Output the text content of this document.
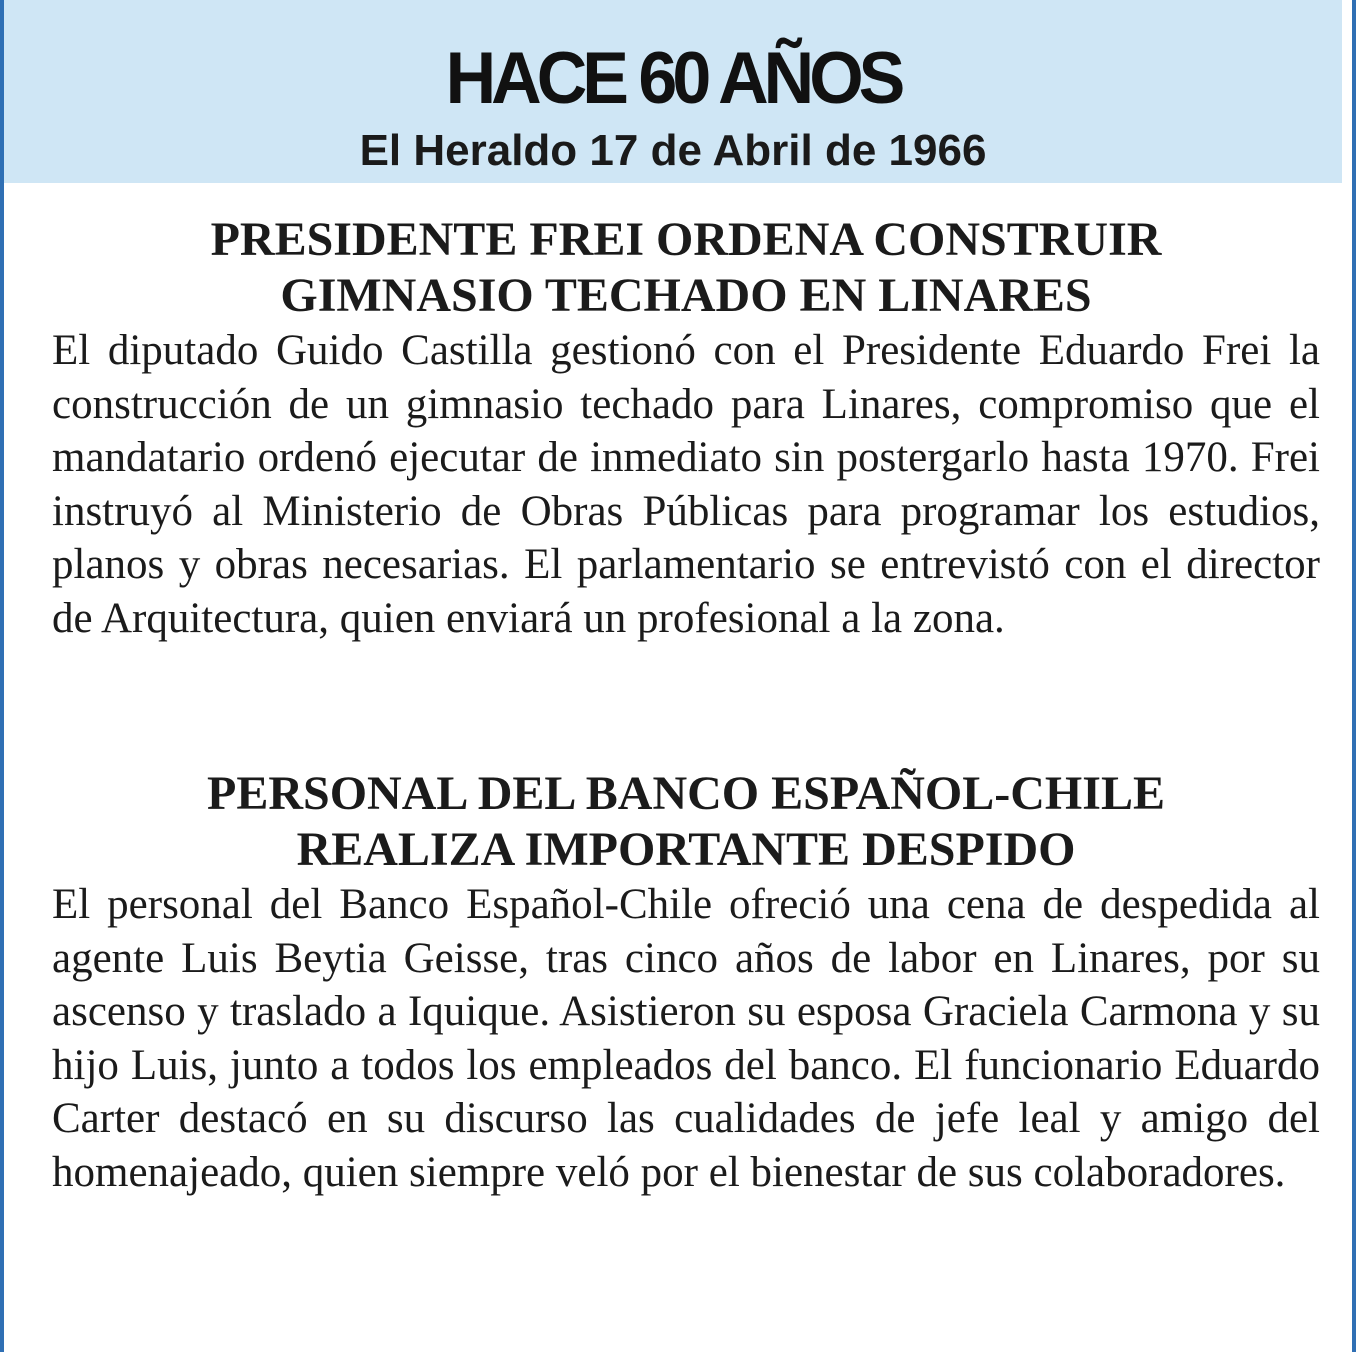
HACE 60 AÑOS
El Heraldo 17 de Abril de 1966
PRESIDENTE FREI ORDENA CONSTRUIR
GIMNASIO TECHADO EN LINARES

El diputado Guido Castilla gestionó con el Presidente Eduardo Frei la construcción de un gimnasio techado para Linares, compromiso que el mandatario ordenó ejecutar de inmediato sin postergarlo hasta 1970. Frei instruyó al Ministerio de Obras Públicas para programar los estudios, planos y obras necesarias. El parlamentario se entrevistó con el director de Arquitectura, quien enviará un profesional a la zona.

PERSONAL DEL BANCO ESPAÑOL-CHILE
REALIZA IMPORTANTE DESPIDO

El personal del Banco Español-Chile ofreció una cena de despedida al agente Luis Beytia Geisse, tras cinco años de labor en Linares, por su ascenso y traslado a Iquique. Asistieron su esposa Graciela Carmona y su hijo Luis, junto a todos los empleados del banco. El funcionario Eduardo Carter destacó en su discurso las cualidades de jefe leal y amigo del homenajeado, quien siempre veló por el bienestar de sus colaboradores.
